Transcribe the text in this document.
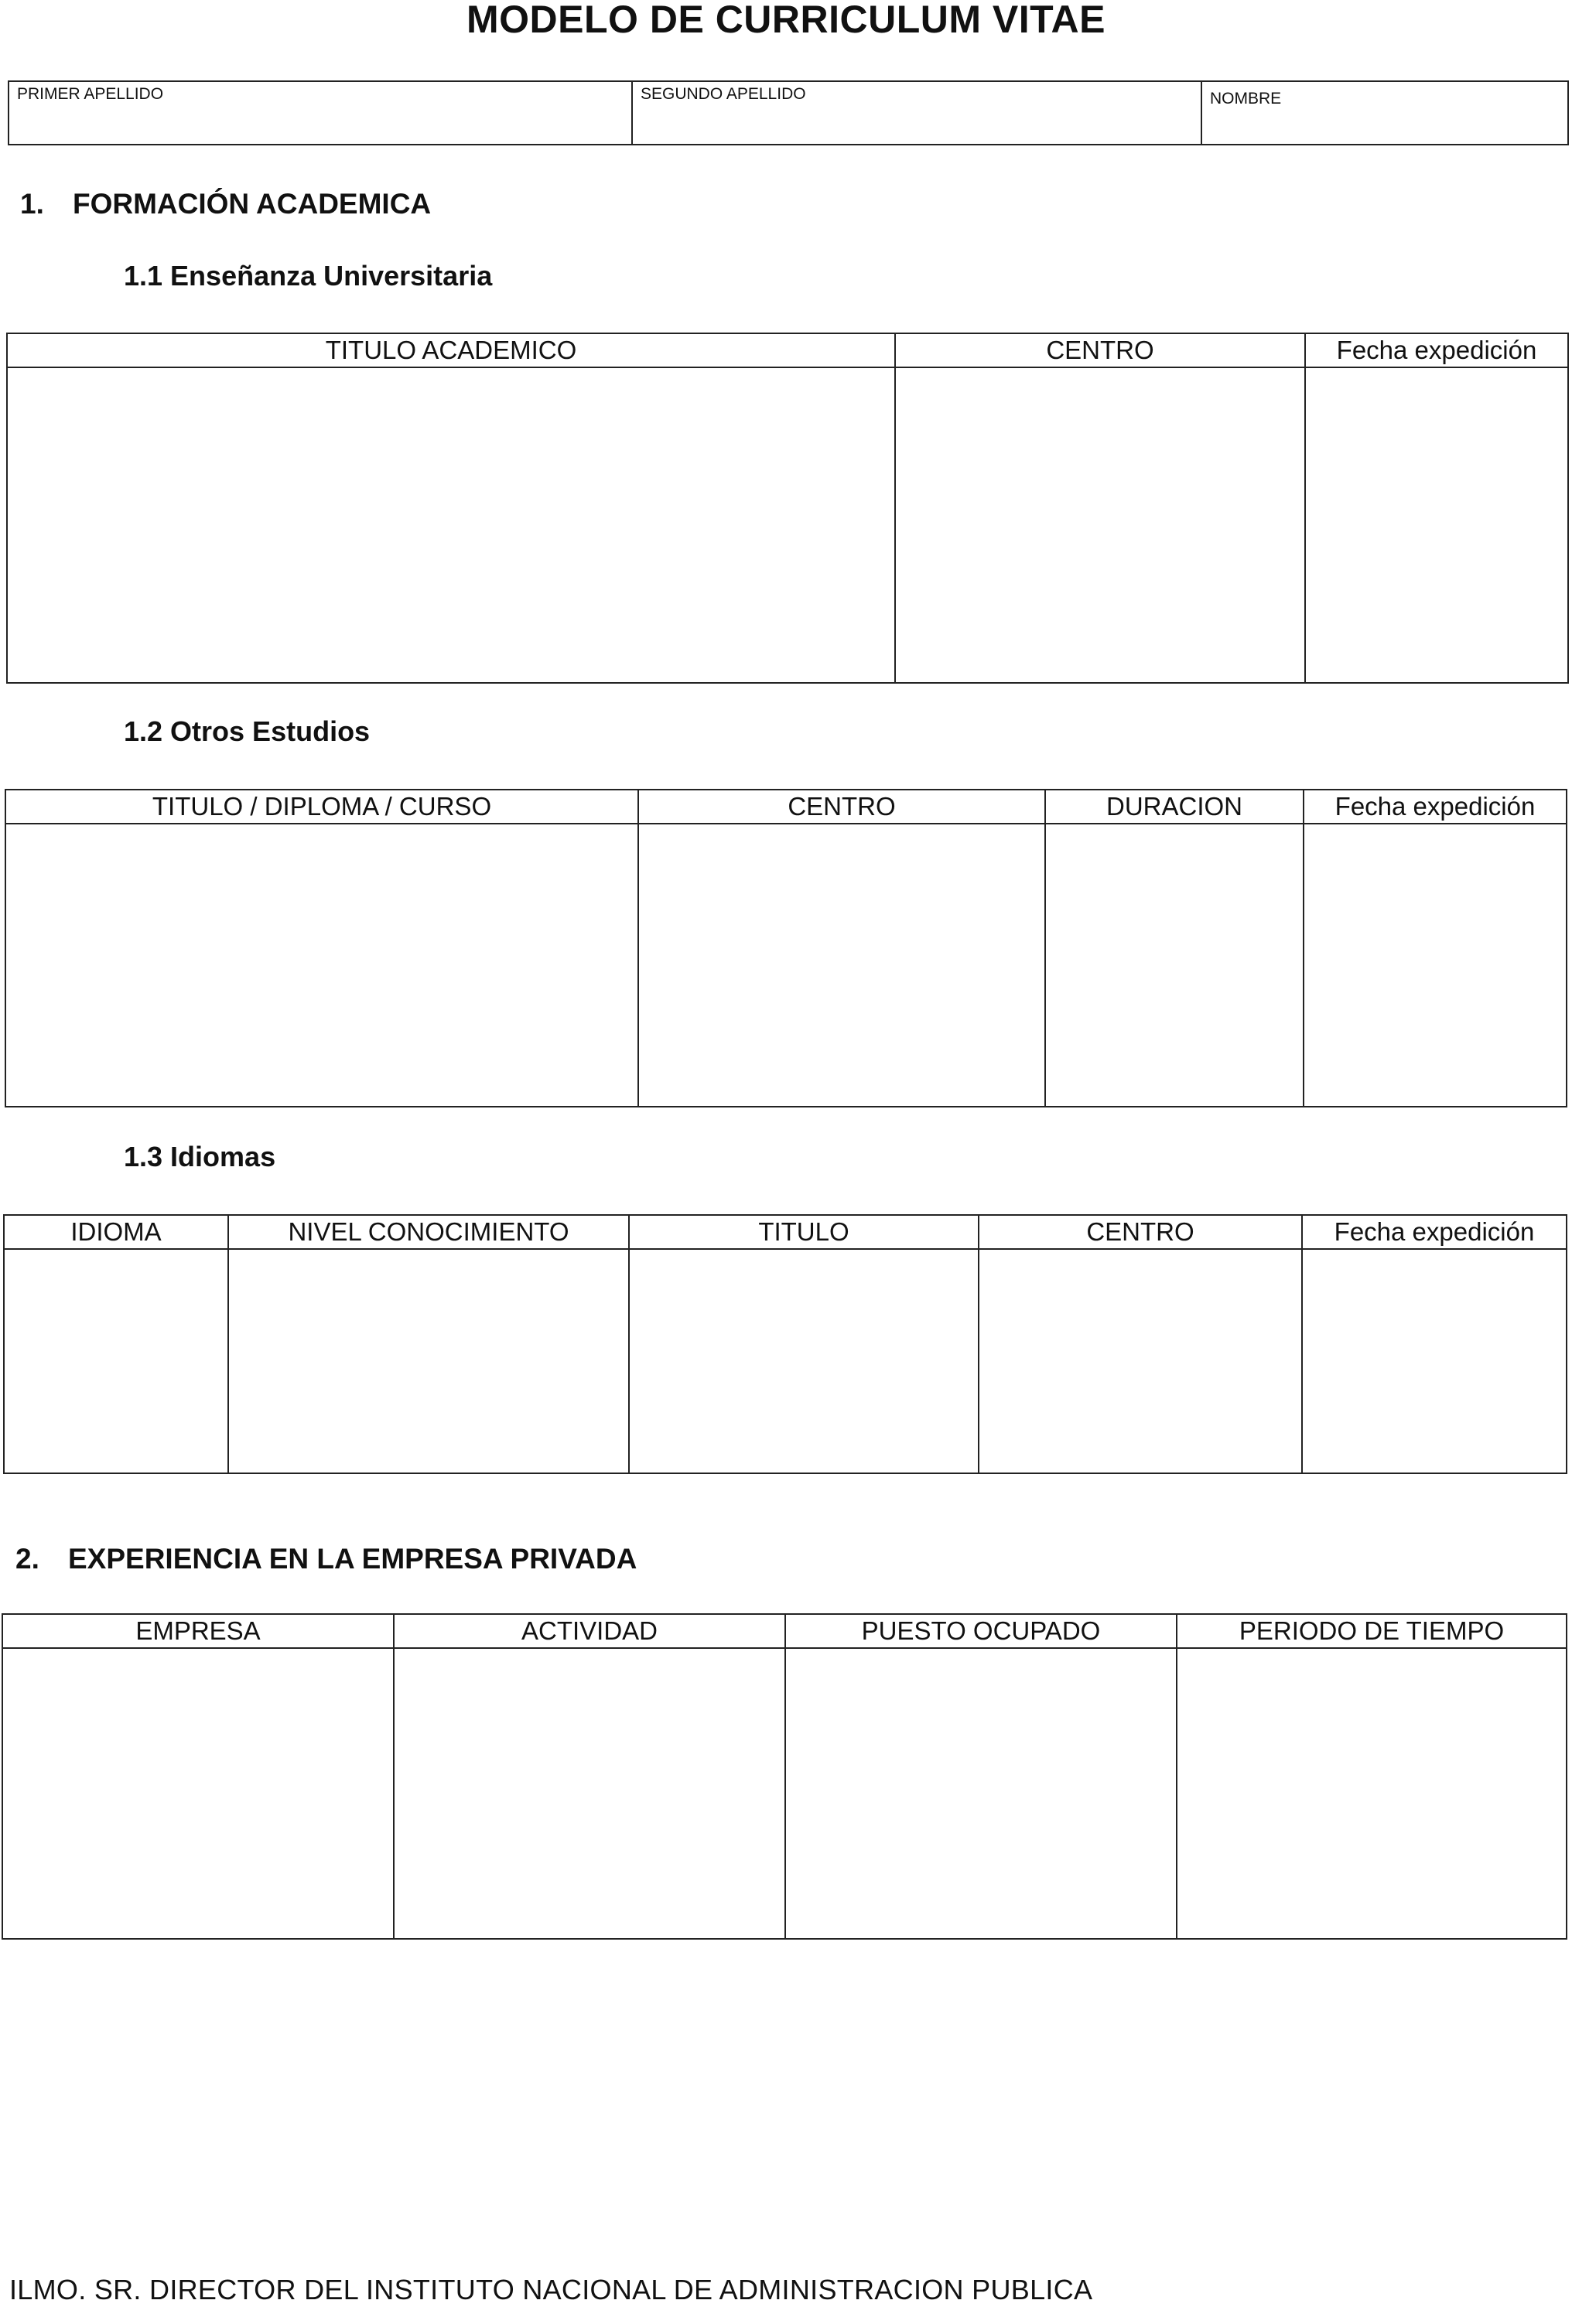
MODELO DE CURRICULUM VITAE
PRIMER APELLIDO	SEGUNDO APELLIDO	NOMBRE
1. FORMACIÓN ACADEMICA
1.1 Enseñanza Universitaria
TITULO ACADEMICO	CENTRO	Fecha expedición
1.2 Otros Estudios
TITULO / DIPLOMA / CURSO	CENTRO	DURACION	Fecha expedición
1.3 Idiomas
IDIOMA	NIVEL CONOCIMIENTO	TITULO	CENTRO	Fecha expedición
2. EXPERIENCIA EN LA EMPRESA PRIVADA
EMPRESA	ACTIVIDAD	PUESTO OCUPADO	PERIODO DE TIEMPO
ILMO. SR. DIRECTOR DEL INSTITUTO NACIONAL DE ADMINISTRACION PUBLICA
